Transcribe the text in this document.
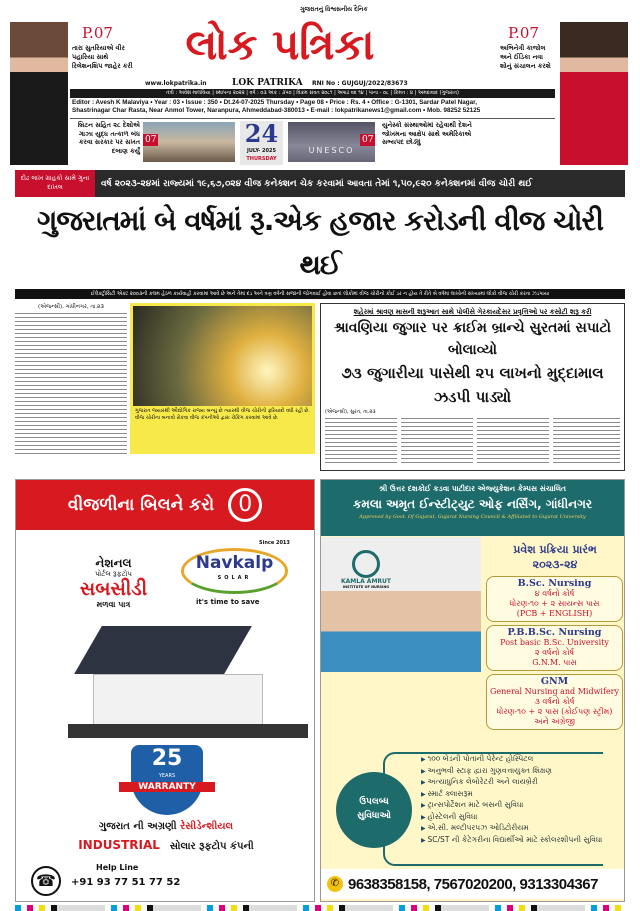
P.07
તારા સુતરિયાએ વીર પહારિયા સાથે રિલેશનશિપ જાહેર કરી
ગુજરાતનું વિશ્વસનીય દૈનિક
લોક પત્રિકા
www.lokpatrika.in	LOK PATRIKA RNI No : GUJGUJ/2022/83673
તંત્રી : અવેશ માલવિયા | સ્થાપના ૨૦૨૨ | વર્ષ : ૦૩ અંક : ૩૫૦ | વિક્રમ સંવત ૨૦૮૧ | અષાઢ વદ ૧૪ | પાના - ૦૮ | કિંમત : ૪ | અમદાવાદ (ગુજરાત)
Editor : Avesh K Malaviya • Year : 03 • Issue : 350 • Dt.24-07-2025 Thursday • Page 08 • Price : Rs. 4 • Office : G-1301, Sardar Patel Nagar,
Shastrinagar Char Rasta, Near Anmol Tower, Naranpura, Ahmeddabad-380013 • E-mail : lokpatrikanews1@gmail.com • Mob. 98252 52125
બ્રિટન સહિત ૨૮ દેશોએ ગાઝા યુદ્ધ તત્કાળ બંધ કરવા સરકાર પર સખત દબાણ કર્યું
07	24
JULY- 2025
THURSDAY
UNESCO
07
યુનેસ્કો સંસ્થાઓમાં રહેવાથી દેશને જોખમના આક્ષેપ સાથે અમેરિકાએ સભ્યપદ છોડ્યું
P.07
અભિનેત્રી કાજોલ અને ઈંડિકા નવા શોનું સંચાલન કરશે
દોઢ લાખ ગ્રાહકો સામે ગુના દાખલ	વર્ષ ૨૦૨૩-૨૪માં રાજ્યમાં ૧૯,૬૭,૦૨૪ વીજ કનેક્શન ચેક કરવામાં આવતા તેમાં ૧,૫૦,૯૨૦ કનેક્શનમાં વીજ ચોરી થઈ
ગુજરાતમાં બે વર્ષમાં રૂ.એક હજાર કરોડની વીજ ચોરી થઈ
ઈલેક્ટ્રીસિટી એક્ટ ૨૦૦૩ની કલમ હેઠળ કાર્યવાહી કરવામાં આવે છે અને તેમાં દંડ અને ત્રણ વર્ષની સજાની જોગવાઈ હોવા છતાં લોકોમાં વીજ ચોરીનો કોઈ ડર ન હોય તે રીતે બે વર્ષમાં લાખોની સંખ્યામાં લોકો વીજ ચોરી કરતા ઝડપાયા
(એજન્સી), ગાંધીનગર, તા.૨૩
ગુજરાત જ્યારથી ઔદ્યોગિક રાજ્ય બન્યું છે ત્યારથી વીજ ચોરીની ફરિયાદો વધી રહી છે. વીજ ચોરીના બનાવો રોકવા વીજ કંપનીઓ દ્વારા ચેકિંગ કરવામાં આવે છે.
શહેરમાં શ્રાવણ માસની શરૂઆત સાથે પોલીસે ગેરકાયદેસર પ્રવૃત્તિઓ પર કસોટી શરૂ કરી
શ્રાવણિયા જુગાર પર ક્રાઈમ બ્રાન્ચે સુરતમાં સપાટો બોલાવ્યો
૭૩ જુગારીયા પાસેથી ૨૫ લાખનો મુદ્દામાલ ઝડપી પાડ્યો
(એજન્સી), સુરત, તા.૨૩
વીજળીના બિલને કરો	0
Since 2013
Navkalp
SOLAR
it's time to save
નેશનલ
પોર્ટલ રૂફટોપ
સબસીડી
મળવા પાત્ર
25
YEARS
WARRANTY
ગુજરાત ની અગ્રણી રેસીડેન્શીયલ
INDUSTRIAL સોલાર રૂફટોપ કંપની
☎
Help Line
+91 93 77 51 77 52
શ્રી ઉત્તર દશકોઈ કડવા પાટીદાર એજ્યુકેશન કેમ્પસ સંચાલિત
કમલા અમૃત ઈન્સ્ટીટ્યુટ ઓફ નર્સિંગ, ગાંધીનગર
Approved by Govt. Of Gujarat, Gujarat Nursing Council & Affiliated to Gujarat University
KAMLA AMRUT
INSTITUTE OF NURSING
પ્રવેશ પ્રક્રિયા પ્રારંભ
૨૦૨૩-૨૪
B.Sc. Nursing
૪ વર્ષનો કોર્ષ
ધોરણ-૧૦ + ૨ સાયન્સ પાસ
(PCB + ENGLISH)
P.B.B.Sc. Nursing
Post basic B.Sc. University
૨ વર્ષનો કોર્ષ
G.N.M. પાસ
GNM
General Nursing and Midwifery
૩ વર્ષનો કોર્ષ
ધોરણ-૧૦ + ૨ પાસ (કોઈપણ સ્ટ્રીમ) અને અંગ્રેજી
ઉપલબ્ધ સુવિધાઓ
▶ ૧૦૦ બેડની પોતાની પેરેન્ટ હોસ્પિટલ
▶ અનુભવી સ્ટાફ દ્વારા ગુણવત્તાયુક્ત શિક્ષણ
▶ અત્યાધુનિક લેબોરેટરી અને લાયબ્રેરી
▶ સ્માર્ટ ક્લાસરૂમ
▶ ટ્રાન્સપોર્ટેશન માટે બસની સુવિધા
▶ હોસ્ટેલની સુવિધા
▶ એ.સી. મલ્ટીપરપઝ ઓડિટોરીયમ
▶ SC/ST ની કેટેગરીના વિદ્યાર્થીઓ માટે સ્કોલરશીપની સુવિધા
✆ 9638358158, 7567020200, 9313304367
